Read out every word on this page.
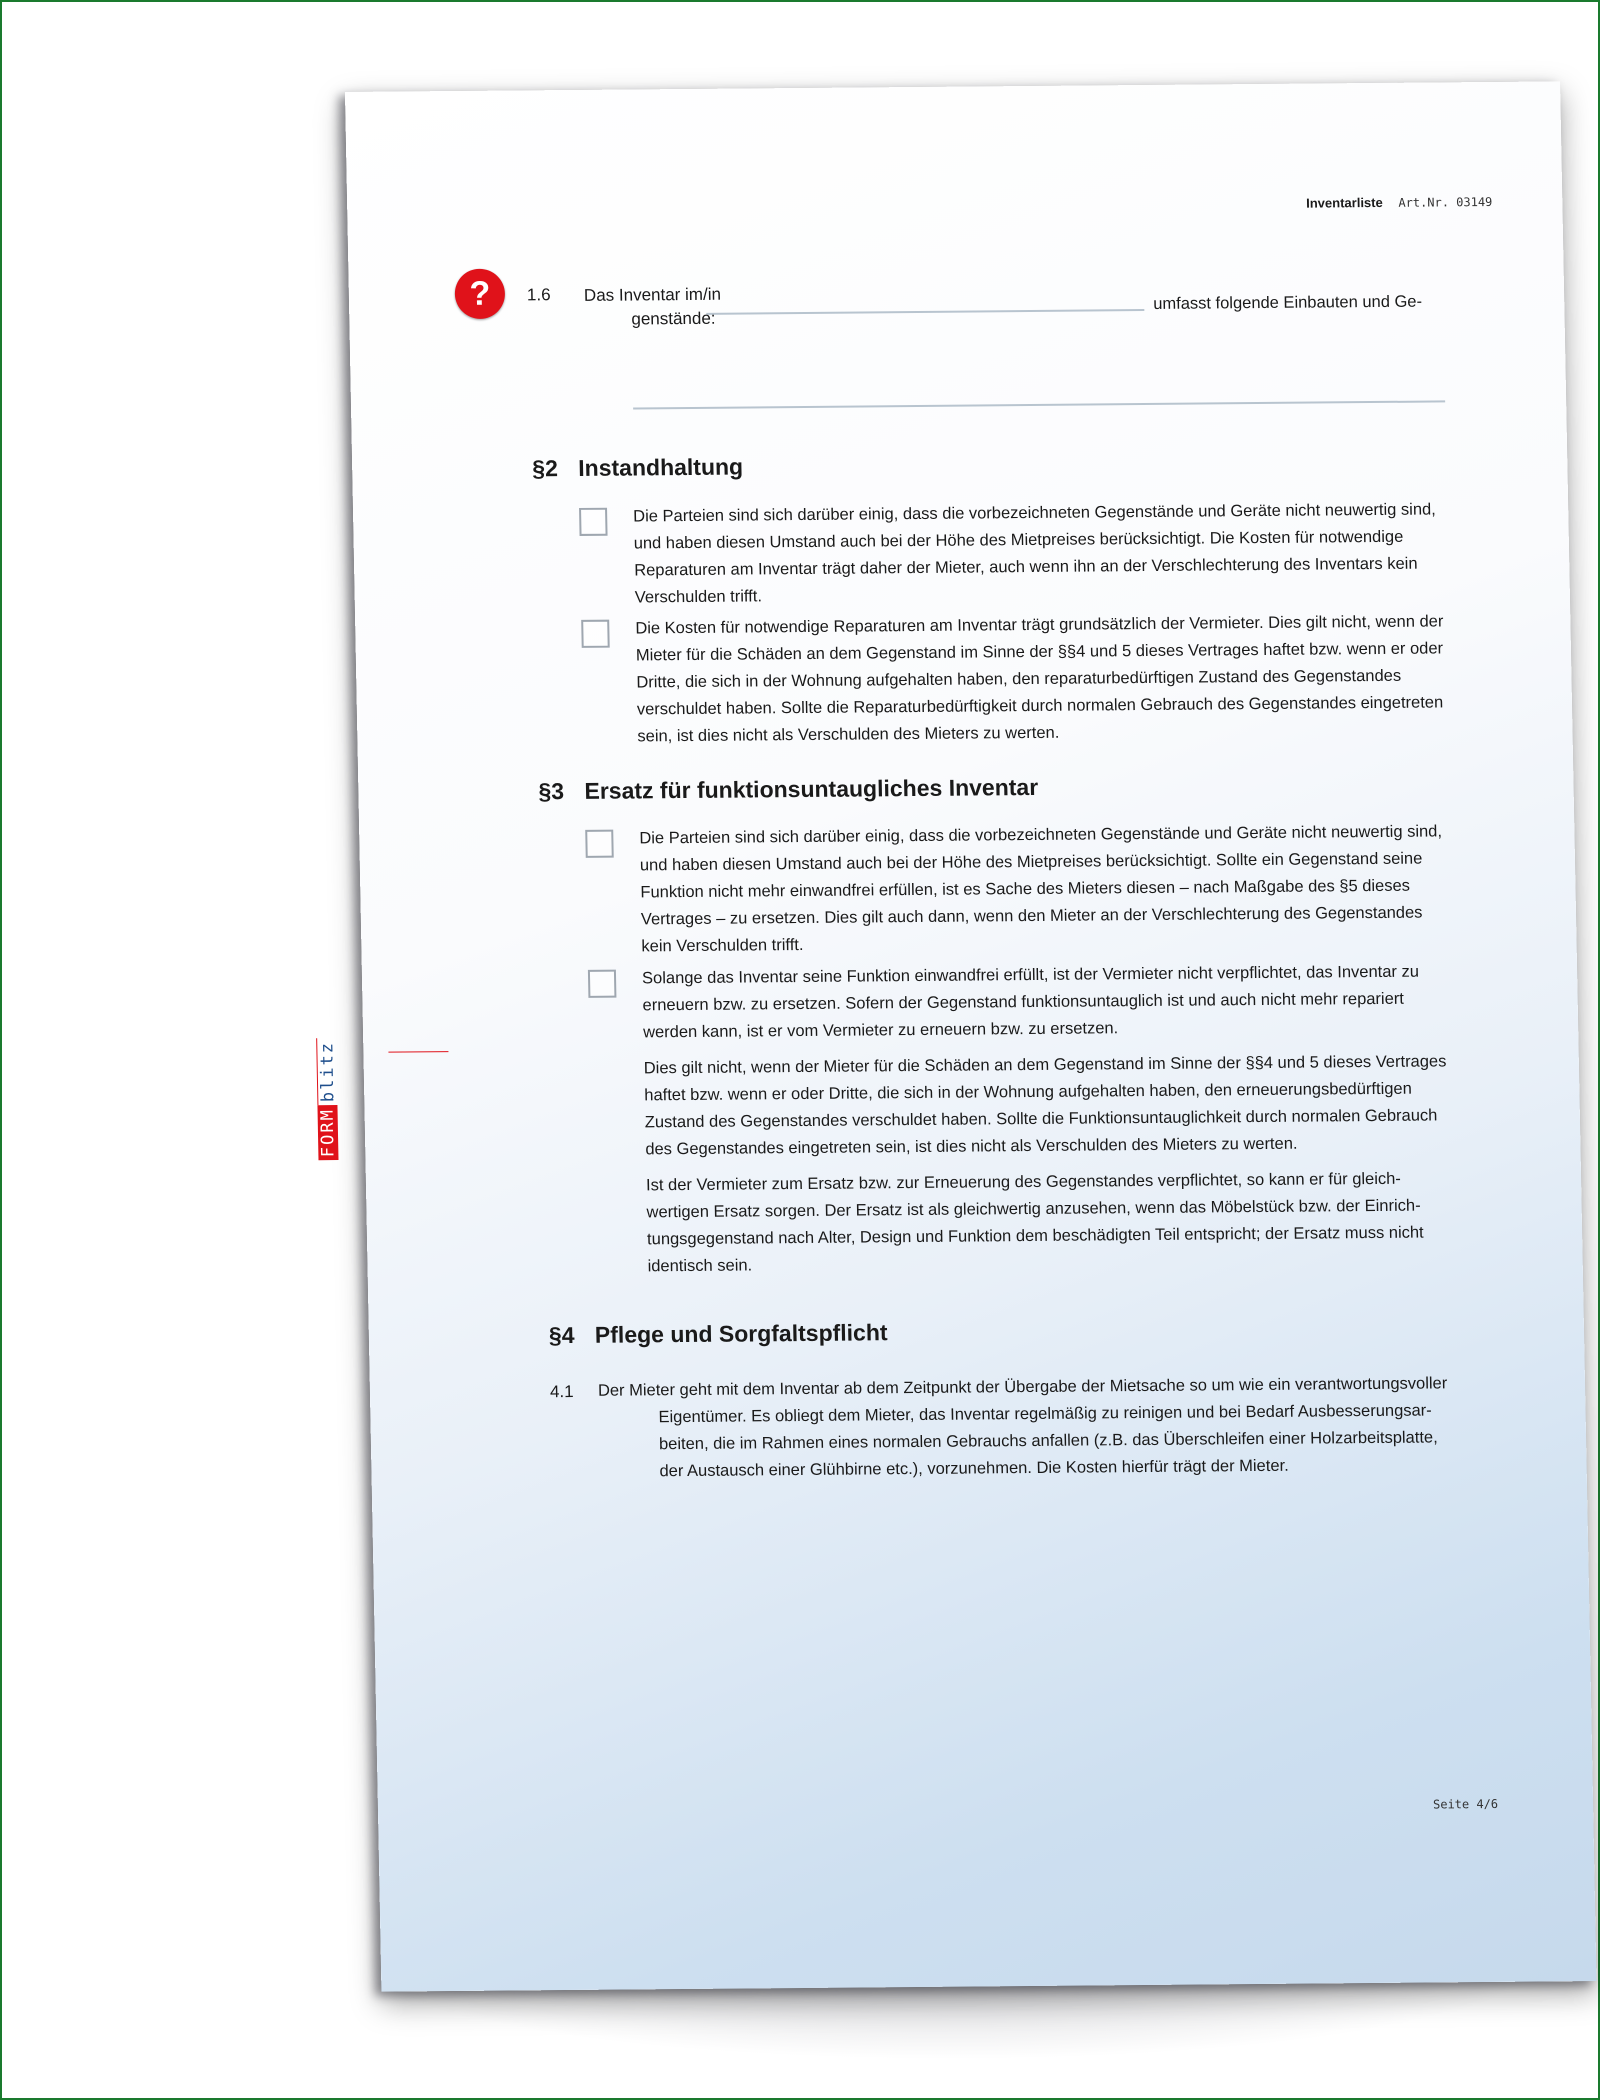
Inventarliste Art.Nr. 03149
?
FORM
blitz
1.6 Das Inventar im/in	umfasst folgende Einbauten und Ge-
genstände:
§2 Instandhaltung
Die Parteien sind sich darüber einig, dass die vorbezeichneten Gegenstände und Geräte nicht neuwertig sind, und haben diesen Umstand auch bei der Höhe des Mietpreises berücksichtigt. Die Kosten für notwendige Reparaturen am Inventar trägt daher der Mieter, auch wenn ihn an der Verschlechterung des Inventars kein Verschulden trifft.
Die Kosten für notwendige Reparaturen am Inventar trägt grundsätzlich der Vermieter. Dies gilt nicht, wenn der Mieter für die Schäden an dem Gegenstand im Sinne der §§4 und 5 dieses Vertrages haftet bzw. wenn er oder Dritte, die sich in der Wohnung aufgehalten haben, den reparaturbedürftigen Zustand des Gegenstandes verschuldet haben. Sollte die Reparaturbedürftigkeit durch normalen Gebrauch des Gegenstandes eingetreten sein, ist dies nicht als Verschulden des Mieters zu werten.
§3 Ersatz für funktionsuntaugliches Inventar
Die Parteien sind sich darüber einig, dass die vorbezeichneten Gegenstände und Geräte nicht neuwertig sind, und haben diesen Umstand auch bei der Höhe des Mietpreises berücksichtigt. Sollte ein Gegenstand seine Funktion nicht mehr einwandfrei erfüllen, ist es Sache des Mieters diesen – nach Maßgabe des §5 dieses Vertrages – zu ersetzen. Dies gilt auch dann, wenn den Mieter an der Verschlechterung des Gegenstandes kein Verschulden trifft.
Solange das Inventar seine Funktion einwandfrei erfüllt, ist der Vermieter nicht verpflichtet, das Inventar zu erneuern bzw. zu ersetzen. Sofern der Gegenstand funktionsuntauglich ist und auch nicht mehr repariert werden kann, ist er vom Vermieter zu erneuern bzw. zu ersetzen.
Dies gilt nicht, wenn der Mieter für die Schäden an dem Gegenstand im Sinne der §§4 und 5 dieses Vertrages haftet bzw. wenn er oder Dritte, die sich in der Wohnung aufgehalten haben, den erneuerungsbedürftigen Zustand des Gegenstandes verschuldet haben. Sollte die Funktionsuntauglichkeit durch normalen Gebrauch des Gegenstandes eingetreten sein, ist dies nicht als Verschulden des Mieters zu werten.
Ist der Vermieter zum Ersatz bzw. zur Erneuerung des Gegenstandes verpflichtet, so kann er für gleich-wertigen Ersatz sorgen. Der Ersatz ist als gleichwertig anzusehen, wenn das Möbelstück bzw. der Einrich-tungsgegenstand nach Alter, Design und Funktion dem beschädigten Teil entspricht; der Ersatz muss nicht identisch sein.
§4 Pflege und Sorgfaltspflicht
4.1 Der Mieter geht mit dem Inventar ab dem Zeitpunkt der Übergabe der Mietsache so um wie ein verantwortungsvoller
Eigentümer. Es obliegt dem Mieter, das Inventar regelmäßig zu reinigen und bei Bedarf Ausbesserungsar-beiten, die im Rahmen eines normalen Gebrauchs anfallen (z.B. das Überschleifen einer Holzarbeitsplatte, der Austausch einer Glühbirne etc.), vorzunehmen. Die Kosten hierfür trägt der Mieter.
Seite 4/6
